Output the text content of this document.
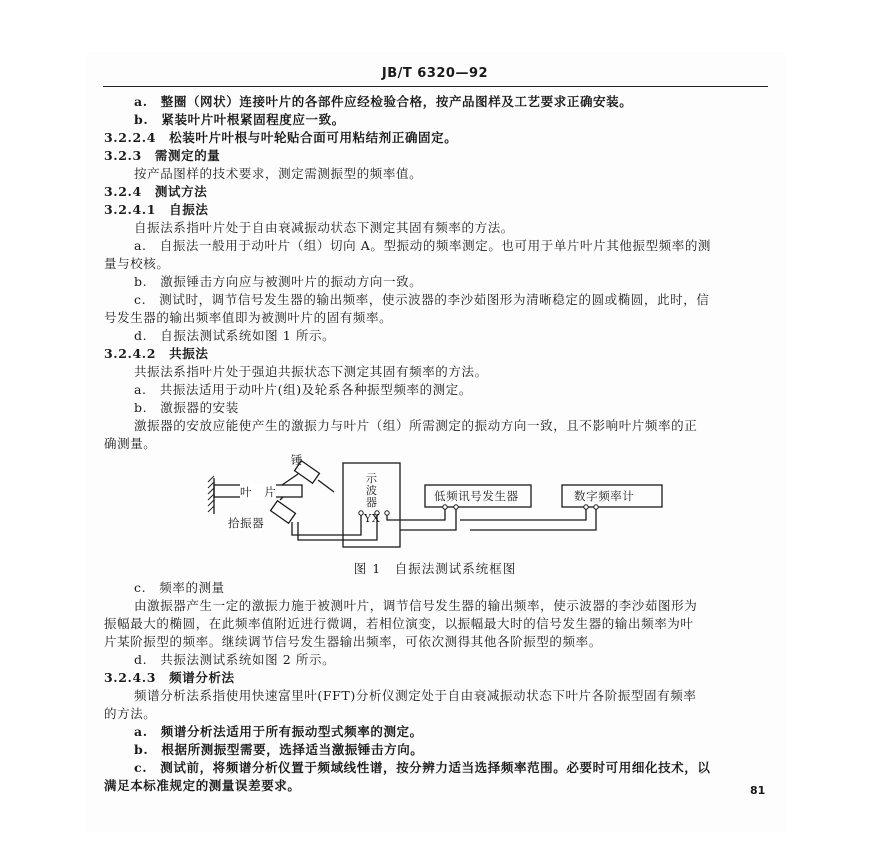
JB/T 6320—92
a.　整圈（网状）连接叶片的各部件应经检验合格，按产品图样及工艺要求正确安装。
b.　紧装叶片叶根紧固程度应一致。
3.2.2.4　松装叶片叶根与叶轮贴合面可用粘结剂正确固定。
3.2.3　需测定的量
按产品图样的技术要求，测定需测振型的频率值。
3.2.4　测试方法
3.2.4.1　自振法
自振法系指叶片处于自由衰减振动状态下测定其固有频率的方法。
a.　自振法一般用于动叶片（组）切向 A。型振动的频率测定。也可用于单片叶片其他振型频率的测
量与校核。
b.　激振锤击方向应与被测叶片的振动方向一致。
c.　测试时，调节信号发生器的输出频率，使示波器的李沙茹图形为清晰稳定的圆或椭圆，此时，信
号发生器的输出频率值即为被测叶片的固有频率。
d.　自振法测试系统如图 1 所示。
3.2.4.2　共振法
共振法系指叶片处于强迫共振状态下测定其固有频率的方法。
a.　共振法适用于动叶片(组)及轮系各种振型频率的测定。
b.　激振器的安装
激振器的安放应能使产生的激振力与叶片（组）所需测定的振动方向一致，且不影响叶片频率的正
确测量。
锤
叶　片
拾振器
示
波
器
YX
低频讯号发生器	数字频率计
图 1　自振法测试系统框图
c.　频率的测量
由激振器产生一定的激振力施于被测叶片，调节信号发生器的输出频率，使示波器的李沙茹图形为
振幅最大的椭圆，在此频率值附近进行微调，若相位演变，以振幅最大时的信号发生器的输出频率为叶
片某阶振型的频率。继续调节信号发生器输出频率，可依次测得其他各阶振型的频率。
d.　共振法测试系统如图 2 所示。
3.2.4.3　频谱分析法
频谱分析法系指使用快速富里叶(FFT)分析仪测定处于自由衰减振动状态下叶片各阶振型固有频率
的方法。
a.　频谱分析法适用于所有振动型式频率的测定。
b.　根据所测振型需要，选择适当激振锤击方向。
c.　测试前，将频谱分析仪置于频域线性谱，按分辨力适当选择频率范围。必要时可用细化技术，以
满足本标准规定的测量误差要求。	81
